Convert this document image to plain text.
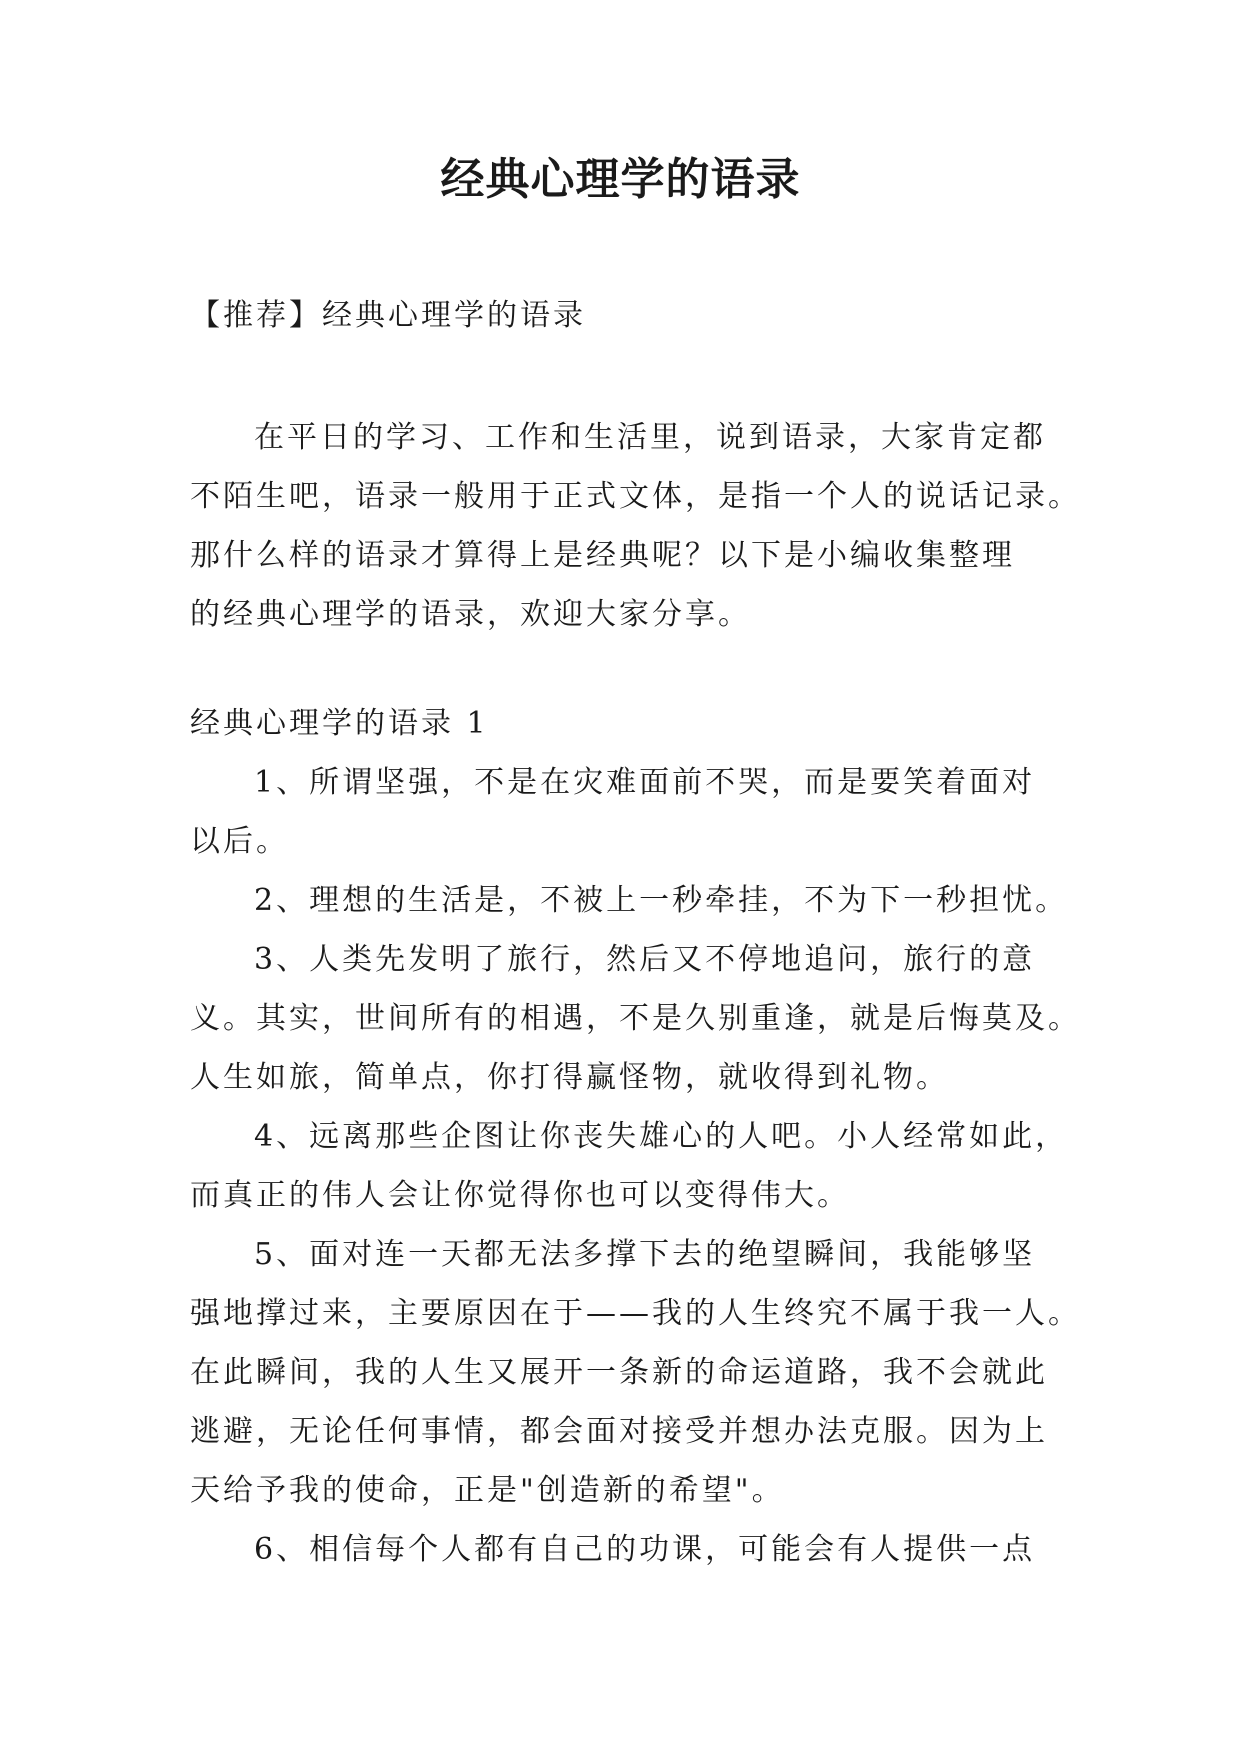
经典心理学的语录

【推荐】经典心理学的语录

在平日的学习、工作和生活里，说到语录，大家肯定都

不陌生吧，语录一般用于正式文体，是指一个人的说话记录。

那什么样的语录才算得上是经典呢？以下是小编收集整理

的经典心理学的语录，欢迎大家分享。

经典心理学的语录 1

1、所谓坚强，不是在灾难面前不哭，而是要笑着面对

以后。

2、理想的生活是，不被上一秒牵挂，不为下一秒担忧。

3、人类先发明了旅行，然后又不停地追问，旅行的意

义。其实，世间所有的相遇，不是久别重逢，就是后悔莫及。

人生如旅，简单点，你打得赢怪物，就收得到礼物。

4、远离那些企图让你丧失雄心的人吧。小人经常如此，

而真正的伟人会让你觉得你也可以变得伟大。

5、面对连一天都无法多撑下去的绝望瞬间，我能够坚

强地撑过来，主要原因在于——我的人生终究不属于我一人。

在此瞬间，我的人生又展开一条新的命运道路，我不会就此

逃避，无论任何事情，都会面对接受并想办法克服。因为上

天给予我的使命，正是"创造新的希望"。

6、相信每个人都有自己的功课，可能会有人提供一点
